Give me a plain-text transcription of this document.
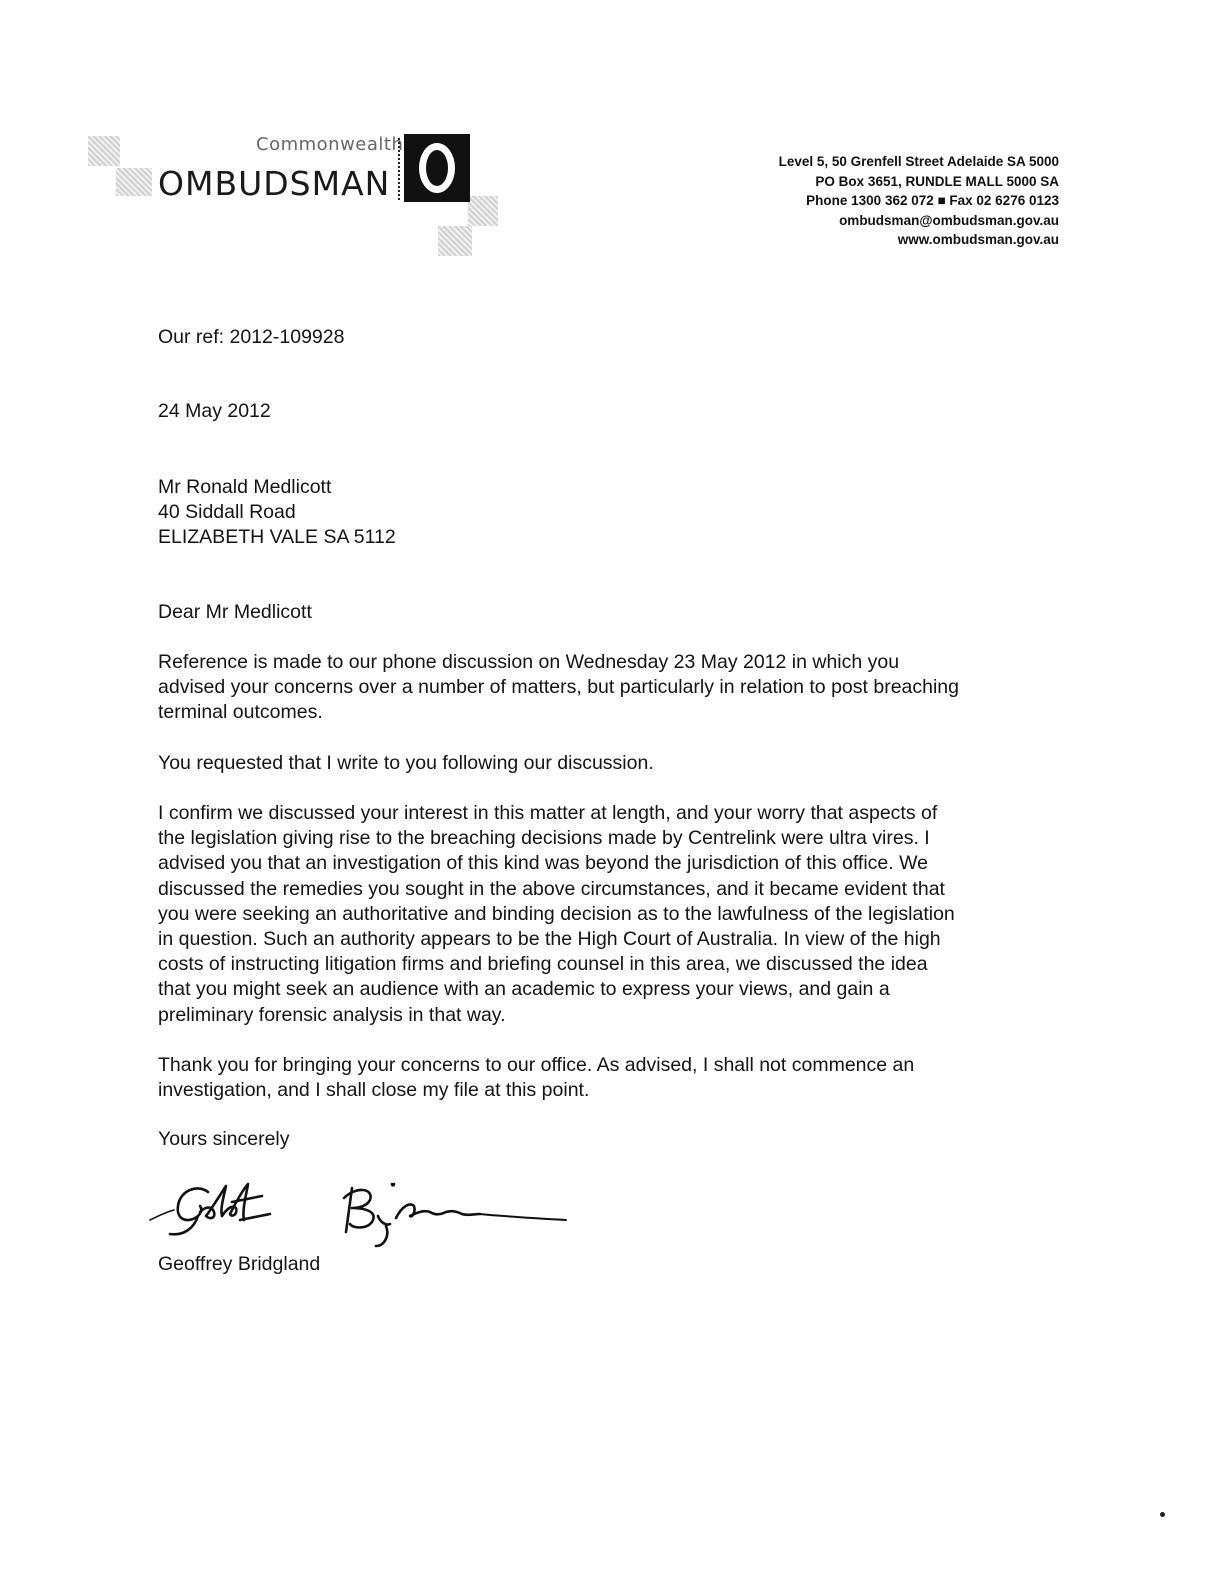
Commonwealth
OMBUDSMAN
Level 5, 50 Grenfell Street Adelaide SA 5000
PO Box 3651, RUNDLE MALL 5000 SA
Phone 1300 362 072 ■ Fax 02 6276 0123
ombudsman@ombudsman.gov.au
www.ombudsman.gov.au
Our ref: 2012-109928
24 May 2012
Mr Ronald Medlicott
40 Siddall Road
ELIZABETH VALE SA 5112
Dear Mr Medlicott
Reference is made to our phone discussion on Wednesday 23 May 2012 in which you
advised your concerns over a number of matters, but particularly in relation to post breaching
terminal outcomes.
You requested that I write to you following our discussion.
I confirm we discussed your interest in this matter at length, and your worry that aspects of
the legislation giving rise to the breaching decisions made by Centrelink were ultra vires. I
advised you that an investigation of this kind was beyond the jurisdiction of this office. We
discussed the remedies you sought in the above circumstances, and it became evident that
you were seeking an authoritative and binding decision as to the lawfulness of the legislation
in question. Such an authority appears to be the High Court of Australia. In view of the high
costs of instructing litigation firms and briefing counsel in this area, we discussed the idea
that you might seek an audience with an academic to express your views, and gain a
preliminary forensic analysis in that way.
Thank you for bringing your concerns to our office. As advised, I shall not commence an
investigation, and I shall close my file at this point.
Yours sincerely
Geoffrey Bridgland
